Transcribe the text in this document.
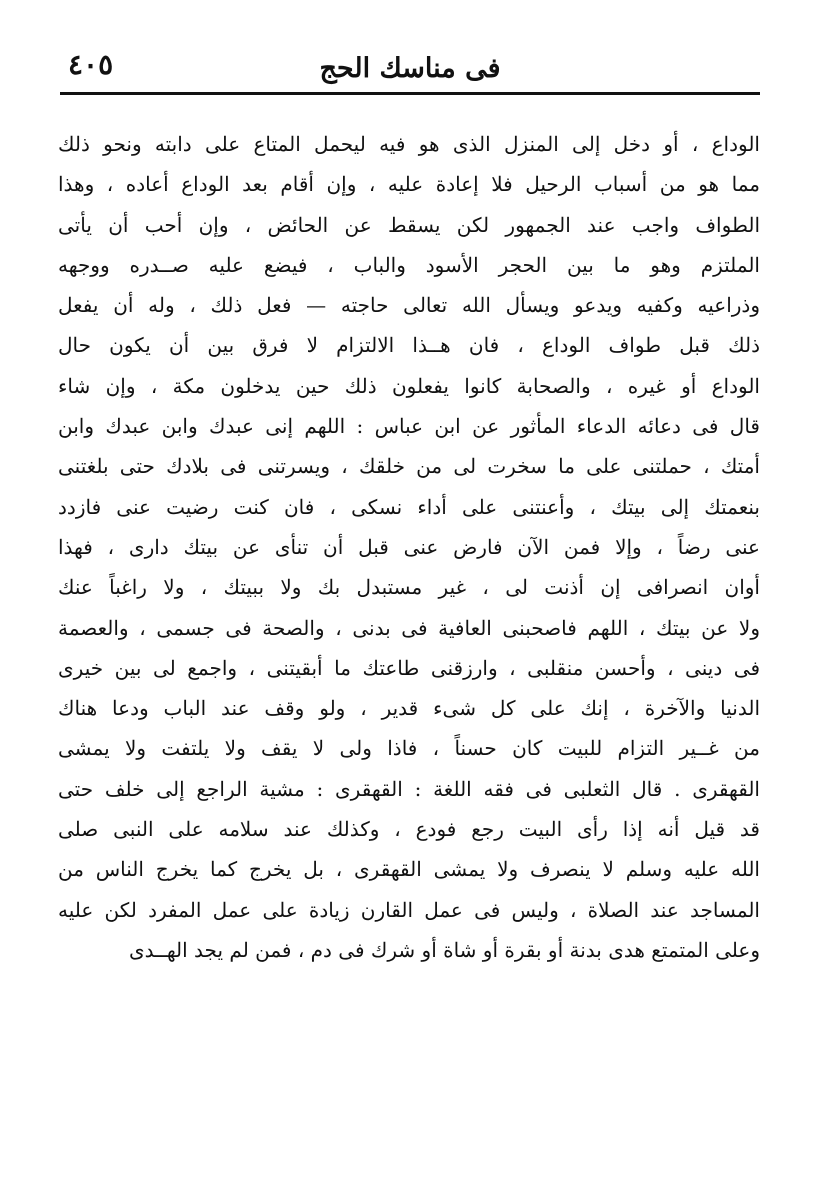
فى مناسك الحج
٤٠٥
الوداع ، أو دخل إلى المنزل الذى هو فيه ليحمل المتاع على دابته ونحو ذلك
مما هو من أسباب الرحيل فلا إعادة عليه ، وإن أقام بعد الوداع أعاده ، وهذا
الطواف واجب عند الجمهور لكن يسقط عن الحائض ، وإن أحب أن يأتى
الملتزم وهو ما بين الحجر الأسود والباب ، فيضع عليه صــدره ووجهه
وذراعيه وكفيه ويدعو ويسأل الله تعالى حاجته — فعل ذلك ، وله أن يفعل
ذلك قبل طواف الوداع ، فان هــذا الالتزام لا فرق بين أن يكون حال
الوداع أو غيره ، والصحابة كانوا يفعلون ذلك حين يدخلون مكة ، وإن شاء
قال فى دعائه الدعاء المأثور عن ابن عباس : اللهم إنى عبدك وابن عبدك وابن
أمتك ، حملتنى على ما سخرت لى من خلقك ، ويسرتنى فى بلادك حتى بلغتنى
بنعمتك إلى بيتك ، وأعنتنى على أداء نسكى ، فان كنت رضيت عنى فازدد
عنى رضاً ، وإلا فمن الآن فارض عنى قبل أن تنأى عن بيتك دارى ، فهذا
أوان انصرافى إن أذنت لى ، غير مستبدل بك ولا ببيتك ، ولا راغباً عنك
ولا عن بيتك ، اللهم فاصحبنى العافية فى بدنى ، والصحة فى جسمى ، والعصمة
فى دينى ، وأحسن منقلبى ، وارزقنى طاعتك ما أبقيتنى ، واجمع لى بين خيرى
الدنيا والآخرة ، إنك على كل شىء قدير ، ولو وقف عند الباب ودعا هناك
من غــير التزام للبيت كان حسناً ، فاذا ولى لا يقف ولا يلتفت ولا يمشى
القهقرى . قال الثعلبى فى فقه اللغة : القهقرى : مشية الراجع إلى خلف حتى
قد قيل أنه إذا رأى البيت رجع فودع ، وكذلك عند سلامه على النبى صلى
الله عليه وسلم لا ينصرف ولا يمشى القهقرى ، بل يخرج كما يخرج الناس من
المساجد عند الصلاة ، وليس فى عمل القارن زيادة على عمل المفرد لكن عليه
وعلى المتمتع هدى بدنة أو بقرة أو شاة أو شرك فى دم ، فمن لم يجد الهــدى
